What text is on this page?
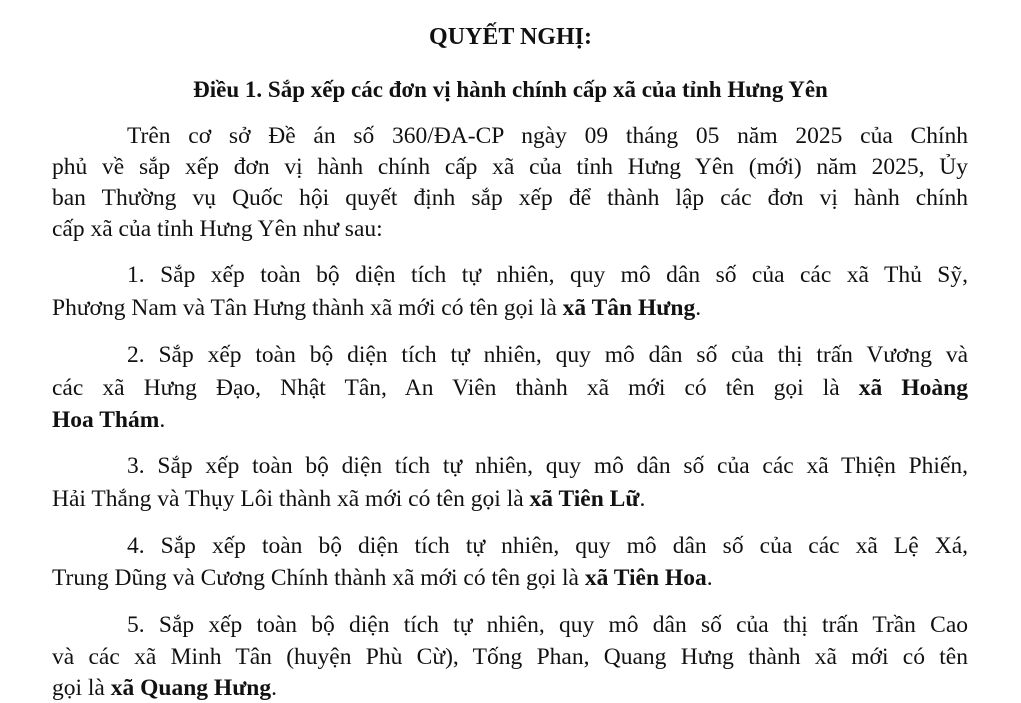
QUYẾT NGHỊ:
Điều 1. Sắp xếp các đơn vị hành chính cấp xã của tỉnh Hưng Yên
Trên cơ sở Đề án số 360/ĐA-CP ngày 09 tháng 05 năm 2025 của Chính
phủ về sắp xếp đơn vị hành chính cấp xã của tỉnh Hưng Yên (mới) năm 2025, Ủy
ban Thường vụ Quốc hội quyết định sắp xếp để thành lập các đơn vị hành chính
cấp xã của tỉnh Hưng Yên như sau:
1. Sắp xếp toàn bộ diện tích tự nhiên, quy mô dân số của các xã Thủ Sỹ,
Phương Nam và Tân Hưng thành xã mới có tên gọi là xã Tân Hưng.
2. Sắp xếp toàn bộ diện tích tự nhiên, quy mô dân số của thị trấn Vương và
các xã Hưng Đạo, Nhật Tân, An Viên thành xã mới có tên gọi là xã Hoàng
Hoa Thám.
3. Sắp xếp toàn bộ diện tích tự nhiên, quy mô dân số của các xã Thiện Phiến,
Hải Thắng và Thụy Lôi thành xã mới có tên gọi là xã Tiên Lữ.
4. Sắp xếp toàn bộ diện tích tự nhiên, quy mô dân số của các xã Lệ Xá,
Trung Dũng và Cương Chính thành xã mới có tên gọi là xã Tiên Hoa.
5. Sắp xếp toàn bộ diện tích tự nhiên, quy mô dân số của thị trấn Trần Cao
và các xã Minh Tân (huyện Phù Cừ), Tống Phan, Quang Hưng thành xã mới có tên
gọi là xã Quang Hưng.
